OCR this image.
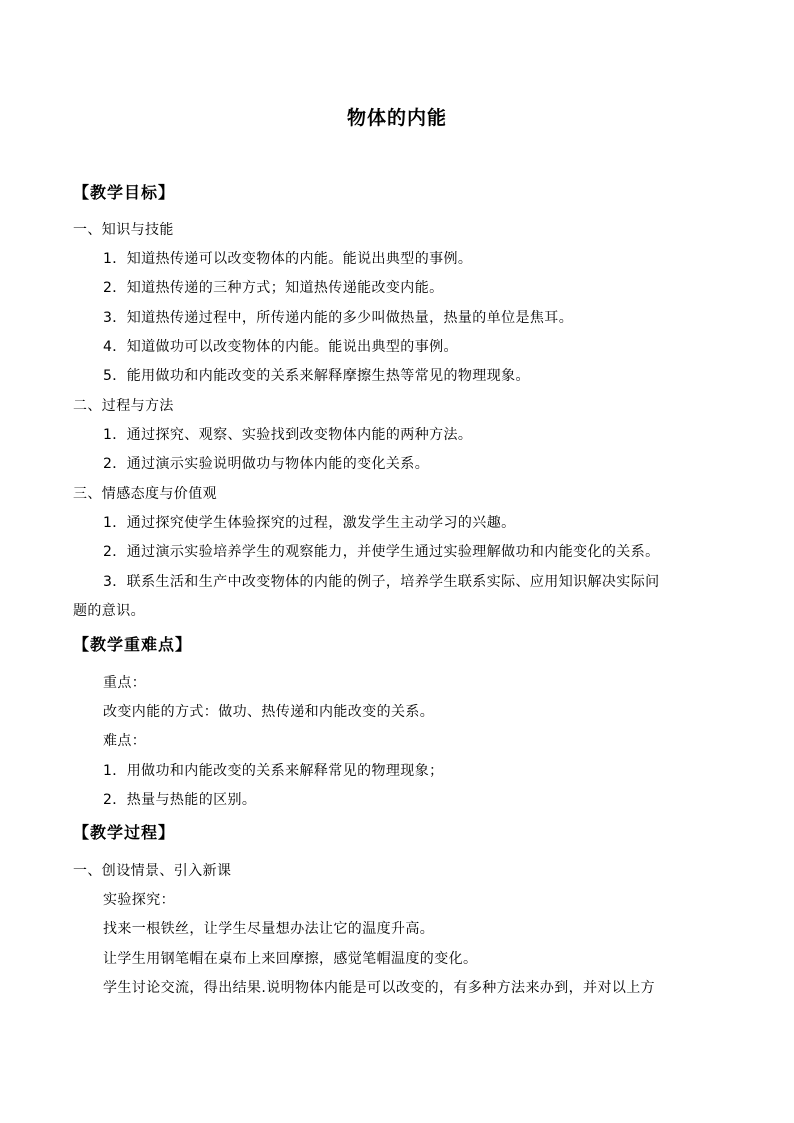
物体的内能
【教学目标】
一、知识与技能
1．知道热传递可以改变物体的内能。能说出典型的事例。
2．知道热传递的三种方式；知道热传递能改变内能。
3．知道热传递过程中，所传递内能的多少叫做热量，热量的单位是焦耳。
4．知道做功可以改变物体的内能。能说出典型的事例。
5．能用做功和内能改变的关系来解释摩擦生热等常见的物理现象。
二、过程与方法
1．通过探究、观察、实验找到改变物体内能的两种方法。
2．通过演示实验说明做功与物体内能的变化关系。
三、情感态度与价值观
1．通过探究使学生体验探究的过程，激发学生主动学习的兴趣。
2．通过演示实验培养学生的观察能力，并使学生通过实验理解做功和内能变化的关系。
3．联系生活和生产中改变物体的内能的例子，培养学生联系实际、应用知识解决实际问
题的意识。
【教学重难点】
重点：
改变内能的方式：做功、热传递和内能改变的关系。
难点：
1．用做功和内能改变的关系来解释常见的物理现象；
2．热量与热能的区别。
【教学过程】
一、创设情景、引入新课
实验探究：
找来一根铁丝，让学生尽量想办法让它的温度升高。
让学生用钢笔帽在桌布上来回摩擦，感觉笔帽温度的变化。
学生讨论交流，得出结果.说明物体内能是可以改变的，有多种方法来办到，并对以上方
